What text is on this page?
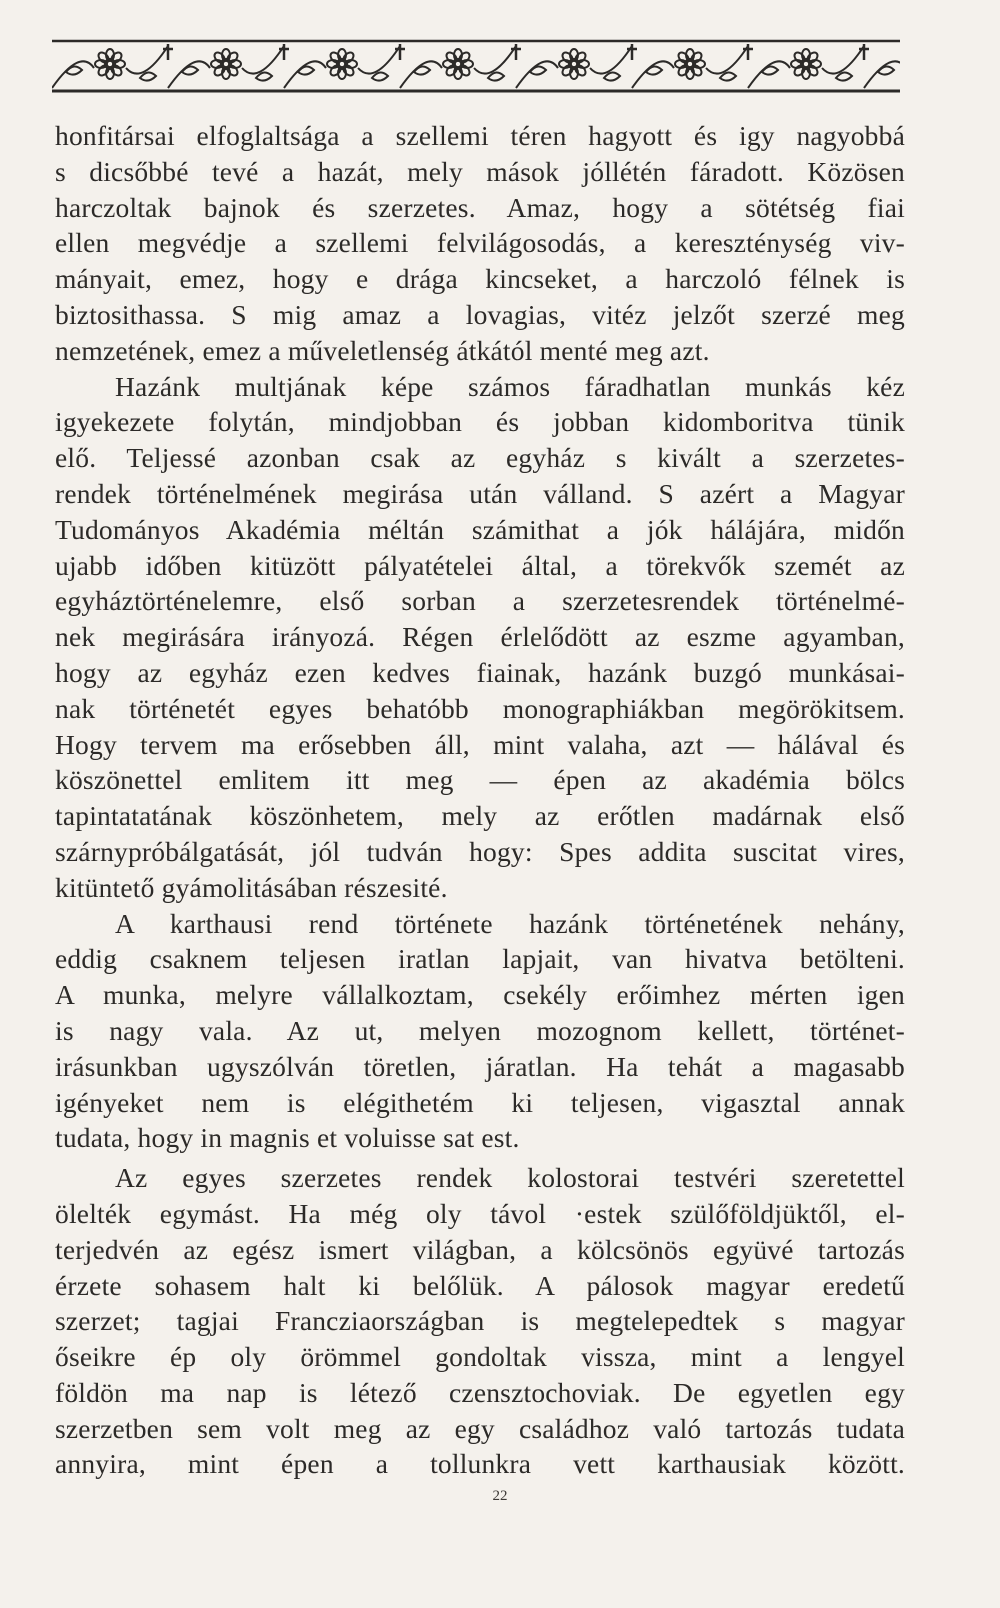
honfitársai elfoglaltsága a szellemi téren hagyott és igy nagyobbá
s dicsőbbé tevé a hazát, mely mások jóllétén fáradott. Közösen
harczoltak bajnok és szerzetes. Amaz, hogy a sötétség fiai
ellen megvédje a szellemi felvilágosodás, a kereszténység viv-
mányait, emez, hogy e drága kincseket, a harczoló félnek is
biztosithassa. S mig amaz a lovagias, vitéz jelzőt szerzé meg
nemzetének, emez a műveletlenség átkától menté meg azt.
Hazánk multjának képe számos fáradhatlan munkás kéz
igyekezete folytán, mindjobban és jobban kidomboritva tünik
elő. Teljessé azonban csak az egyház s kivált a szerzetes-
rendek történelmének megirása után válland. S azért a Magyar
Tudományos Akadémia méltán számithat a jók hálájára, midőn
ujabb időben kitüzött pályatételei által, a törekvők szemét az
egyháztörténelemre, első sorban a szerzetesrendek történelmé-
nek megirására irányozá. Régen érlelődött az eszme agyamban,
hogy az egyház ezen kedves fiainak, hazánk buzgó munkásai-
nak történetét egyes behatóbb monographiákban megörökitsem.
Hogy tervem ma erősebben áll, mint valaha, azt — hálával és
köszönettel emlitem itt meg — épen az akadémia bölcs
tapintatatának köszönhetem, mely az erőtlen madárnak első
szárnypróbálgatását, jól tudván hogy: Spes addita suscitat vires,
kitüntető gyámolitásában részesité.
A karthausi rend története hazánk történetének nehány,
eddig csaknem teljesen iratlan lapjait, van hivatva betölteni.
A munka, melyre vállalkoztam, csekély erőimhez mérten igen
is nagy vala. Az ut, melyen mozognom kellett, történet-
irásunkban ugyszólván töretlen, járatlan. Ha tehát a magasabb
igényeket nem is elégithetém ki teljesen, vigasztal annak
tudata, hogy in magnis et voluisse sat est.
Az egyes szerzetes rendek kolostorai testvéri szeretettel
ölelték egymást. Ha még oly távol ·estek szülőföldjüktől, el-
terjedvén az egész ismert világban, a kölcsönös együvé tartozás
érzete sohasem halt ki belőlük. A pálosok magyar eredetű
szerzet; tagjai Francziaországban is megtelepedtek s magyar
őseikre ép oly örömmel gondoltak vissza, mint a lengyel
földön ma nap is létező czensztochoviak. De egyetlen egy
szerzetben sem volt meg az egy családhoz való tartozás tudata
annyira, mint épen a tollunkra vett karthausiak között.
22
